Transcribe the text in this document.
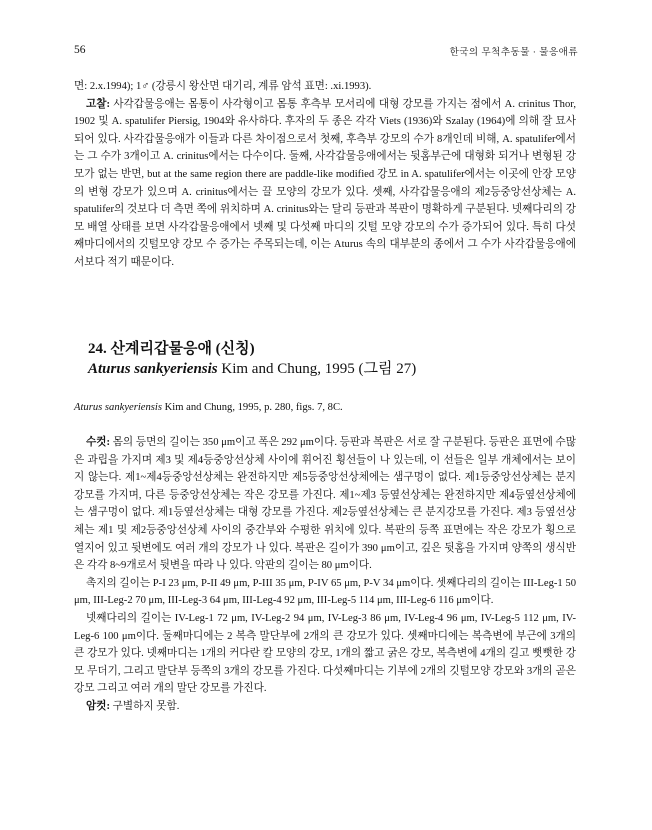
56	한국의 무척추동물 · 물응애류

면: 2.x.1994); 1♂ (강릉시 왕산면 대기리, 계류 암석 표면: .xi.1993).

고찰: 사각갑물응애는 몸통이 사각형이고 몸통 후측부 모서리에 대형 강모를 가지는 점에서 A. crinitus Thor, 1902 및 A. spatulifer Piersig, 1904와 유사하다. 후자의 두 종은 각각 Viets (1936)와 Szalay (1964)에 의해 잘 묘사되어 있다. 사각갑물응애가 이들과 다른 차이점으로서 첫째, 후측부 강모의 수가 8개인데 비해, A. spatulifer에서는 그 수가 3개이고 A. crinitus에서는 다수이다. 둘째, 사각갑물응애에서는 뒷홈부근에 대형화 되거나 변형된 강모가 없는 반면, but at the same region there are paddle-like modified 강모 in A. spatulifer에서는 이곳에 안장 모양의 변형 강모가 있으며 A. crinitus에서는 끌 모양의 강모가 있다. 셋째, 사각갑물응애의 제2등중앙선상체는 A. spatulifer의 것보다 더 측면 쪽에 위치하며 A. crinitus와는 달리 등판과 복판이 명확하게 구분된다. 넷째다리의 강모 배열 상태를 보면 사각갑물응애에서 넷째 및 다섯째 마디의 깃털 모양 강모의 수가 증가되어 있다. 특히 다섯째마디에서의 깃털모양 강모 수 증가는 주목되는데, 이는 Aturus 속의 대부분의 종에서 그 수가 사각갑물응애에서보다 적기 때문이다.

24. 산계리갑물응애 (신칭)
Aturus sankyeriensis Kim and Chung, 1995 (그림 27)
Aturus sankyeriensis Kim and Chung, 1995, p. 280, figs. 7, 8C.

수컷: 몸의 등면의 길이는 350 μm이고 폭은 292 μm이다. 등판과 복판은 서로 잘 구분된다. 등판은 표면에 수많은 과립을 가지며 제3 및 제4등중앙선상체 사이에 휘어진 횡선들이 나 있는데, 이 선들은 일부 개체에서는 보이지 않는다. 제1~제4등중앙선상체는 완전하지만 제5등중앙선상체에는 샘구멍이 없다. 제1등중앙선상체는 분지강모를 가지며, 다른 등중앙선상체는 작은 강모를 가진다. 제1~제3 등옆선상체는 완전하지만 제4등옆선상체에는 샘구멍이 없다. 제1등옆선상체는 대형 강모를 가진다. 제2등옆선상체는 큰 분지강모를 가진다. 제3 등옆선상체는 제1 및 제2등중앙선상체 사이의 중간부와 수평한 위치에 있다. 복판의 등쪽 표면에는 작은 강모가 횡으로 열지어 있고 뒷변에도 여러 개의 강모가 나 있다. 복판은 길이가 390 μm이고, 깊은 뒷홈을 가지며 양쪽의 생식반은 각각 8~9개로서 뒷변을 따라 나 있다. 악판의 길이는 80 μm이다.

촉지의 길이는 P-I 23 μm, P-II 49 μm, P-III 35 μm, P-IV 65 μm, P-V 34 μm이다. 셋째다리의 길이는 III-Leg-1 50 μm, III-Leg-2 70 μm, III-Leg-3 64 μm, III-Leg-4 92 μm, III-Leg-5 114 μm, III-Leg-6 116 μm이다.

넷째다리의 길이는 IV-Leg-1 72 μm, IV-Leg-2 94 μm, IV-Leg-3 86 μm, IV-Leg-4 96 μm, IV-Leg-5 112 μm, IV-Leg-6 100 μm이다. 둘째마디에는 2 복측 말단부에 2개의 큰 강모가 있다. 셋째마디에는 복측변에 부근에 3개의 큰 강모가 있다. 넷째마디는 1개의 커다란 칼 모양의 강모, 1개의 짧고 굵은 강모, 복측변에 4개의 길고 뻣뻣한 강모 무더기, 그리고 말단부 등쪽의 3개의 강모를 가진다. 다섯째마디는 기부에 2개의 깃털모양 강모와 3개의 곧은 강모 그리고 여러 개의 말단 강모를 가진다.

암컷: 구별하지 못함.
